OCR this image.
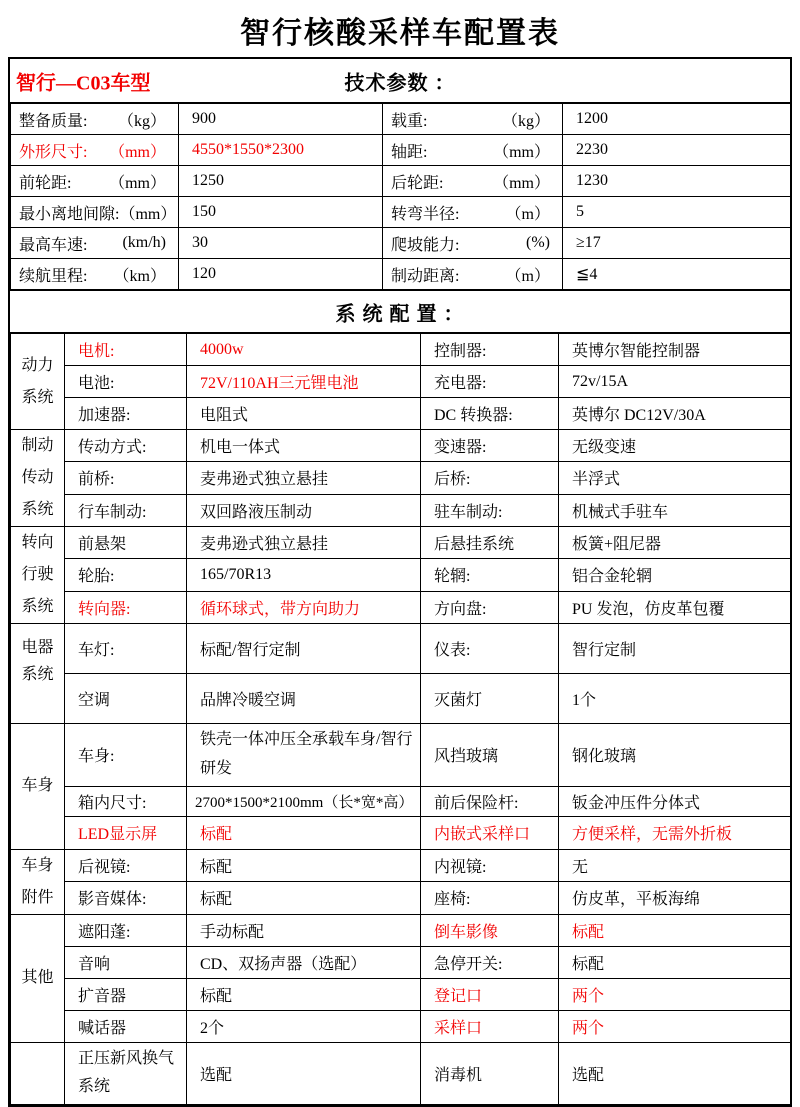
智行核酸采样车配置表
智行—C03车型	技术参数 ：
整备质量: （kg）	900	载重: （kg）	1200

外形尺寸: （mm）	4550*1550*2300	轴距: （mm）	2230

前轮距: （mm）	1250	后轮距: （mm）	1230

最小离地间隙: （mm）	150	转弯半径: （m）	5

最高车速: (km/h)	30	爬坡能力: (%)	≥17

续航里程: （km）	120	制动距离: （m）	≦4
系 统 配 置 ：
动力
系统	电机:	4000w	控制器:	英博尔智能控制器
	电池:	72V/110AH三元锂电池	充电器:	72v/15A
	加速器:	电阻式	DC 转换器:	英博尔 DC12V/30A

制动
传动
系统	传动方式:	机电一体式	变速器:	无级变速
	前桥:	麦弗逊式独立悬挂	后桥:	半浮式
	行车制动:	双回路液压制动	驻车制动:	机械式手驻车

转向
行驶
系统	前悬架	麦弗逊式独立悬挂	后悬挂系统	板簧+阻尼器
	轮胎:	165/70R13	轮辋:	铝合金轮辋
	转向器:	循环球式，带方向助力	方向盘:	PU 发泡，仿皮革包覆

电器
系统	车灯:	标配/智行定制	仪表:	智行定制
	空调	品牌冷暖空调	灭菌灯	1个

车身	车身:	铁壳一体冲压全承载车身/智行研发	风挡玻璃	钢化玻璃
	箱内尺寸:	2700*1500*2100mm（长*宽*高）	前后保险杆:	钣金冲压件分体式
	LED显示屏	标配	内嵌式采样口	方便采样，无需外折板

车身
附件	后视镜:	标配	内视镜:	无
	影音媒体:	标配	座椅:	仿皮革，平板海绵

其他	遮阳蓬:	手动标配	倒车影像	标配
	音响	CD、双扬声器（选配）	急停开关:	标配
	扩音器	标配	登记口	两个
	喊话器	2个	采样口	两个
	正压新风换气系统	选配	消毒机	选配
